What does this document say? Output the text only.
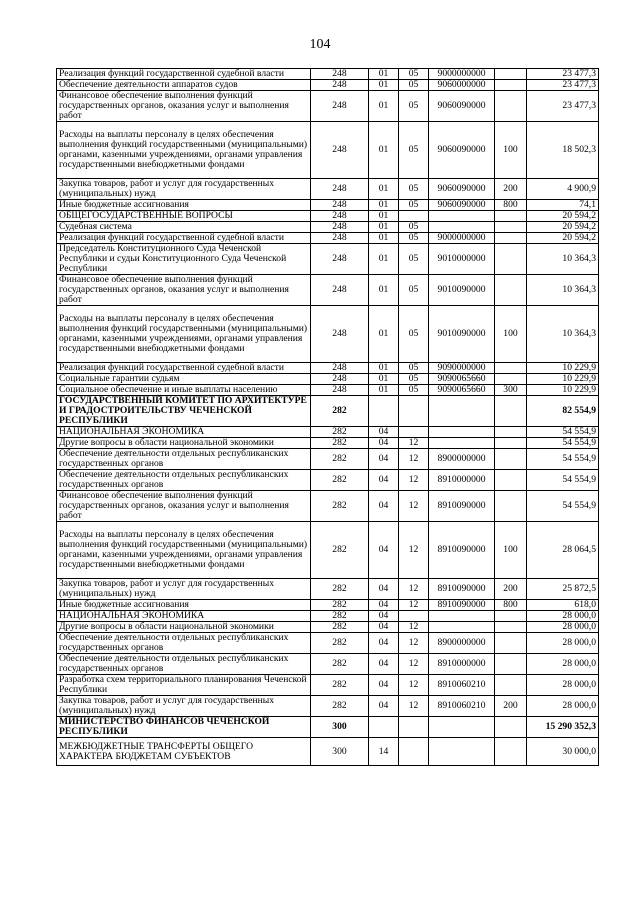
104
Реализация функций государственной судебной власти	248	01	05	9000000000		23 477,3
Обеспечение деятельности аппаратов судов	248	01	05	9060000000		23 477,3
Финансовое обеспечение выполнения функций государственных органов, оказания услуг и выполнения работ	248	01	05	9060090000		23 477,3
Расходы на выплаты персоналу в целях обеспечения выполнения функций государственными (муниципальными) органами, казенными учреждениями, органами управления государственными внебюджетными фондами	248	01	05	9060090000	100	18 502,3
Закупка товаров, работ и услуг для государственных (муниципальных) нужд	248	01	05	9060090000	200	4 900,9
Иные бюджетные ассигнования	248	01	05	9060090000	800	74,1
ОБЩЕГОСУДАРСТВЕННЫЕ ВОПРОСЫ	248	01				20 594,2
Судебная система	248	01	05			20 594,2
Реализация функций государственной судебной власти	248	01	05	9000000000		20 594,2
Председатель Конституционного Суда Чеченской Республики и судьи Конституционного Суда Чеченской Республики	248	01	05	9010000000		10 364,3
Финансовое обеспечение выполнения функций государственных органов, оказания услуг и выполнения работ	248	01	05	9010090000		10 364,3
Расходы на выплаты персоналу в целях обеспечения выполнения функций государственными (муниципальными) органами, казенными учреждениями, органами управления государственными внебюджетными фондами	248	01	05	9010090000	100	10 364,3
Реализация функций государственной судебной власти	248	01	05	9090000000		10 229,9
Социальные гарантии судьям	248	01	05	9090065660		10 229,9
Социальное обеспечение и иные выплаты населению	248	01	05	9090065660	300	10 229,9
ГОСУДАРСТВЕННЫЙ КОМИТЕТ ПО АРХИТЕКТУРЕ И ГРАДОСТРОИТЕЛЬСТВУ ЧЕЧЕНСКОЙ РЕСПУБЛИКИ	282					82 554,9
НАЦИОНАЛЬНАЯ ЭКОНОМИКА	282	04				54 554,9
Другие вопросы в области национальной экономики	282	04	12			54 554,9
Обеспечение деятельности отдельных республиканских государственных органов	282	04	12	8900000000		54 554,9
Обеспечение деятельности отдельных республиканских государственных органов	282	04	12	8910000000		54 554,9
Финансовое обеспечение выполнения функций государственных органов, оказания услуг и выполнения работ	282	04	12	8910090000		54 554,9
Расходы на выплаты персоналу в целях обеспечения выполнения функций государственными (муниципальными) органами, казенными учреждениями, органами управления государственными внебюджетными фондами	282	04	12	8910090000	100	28 064,5
Закупка товаров, работ и услуг для государственных (муниципальных) нужд	282	04	12	8910090000	200	25 872,5
Иные бюджетные ассигнования	282	04	12	8910090000	800	618,0
НАЦИОНАЛЬНАЯ ЭКОНОМИКА	282	04				28 000,0
Другие вопросы в области национальной экономики	282	04	12			28 000,0
Обеспечение деятельности отдельных республиканских государственных органов	282	04	12	8900000000		28 000,0
Обеспечение деятельности отдельных республиканских государственных органов	282	04	12	8910000000		28 000,0
Разработка схем территориального планирования Чеченской Республики	282	04	12	8910060210		28 000,0
Закупка товаров, работ и услуг для государственных (муниципальных) нужд	282	04	12	8910060210	200	28 000,0
МИНИСТЕРСТВО ФИНАНСОВ ЧЕЧЕНСКОЙ РЕСПУБЛИКИ	300					15 290 352,3
МЕЖБЮДЖЕТНЫЕ ТРАНСФЕРТЫ ОБЩЕГО ХАРАКТЕРА БЮДЖЕТАМ СУБЪЕКТОВ	300	14				30 000,0
